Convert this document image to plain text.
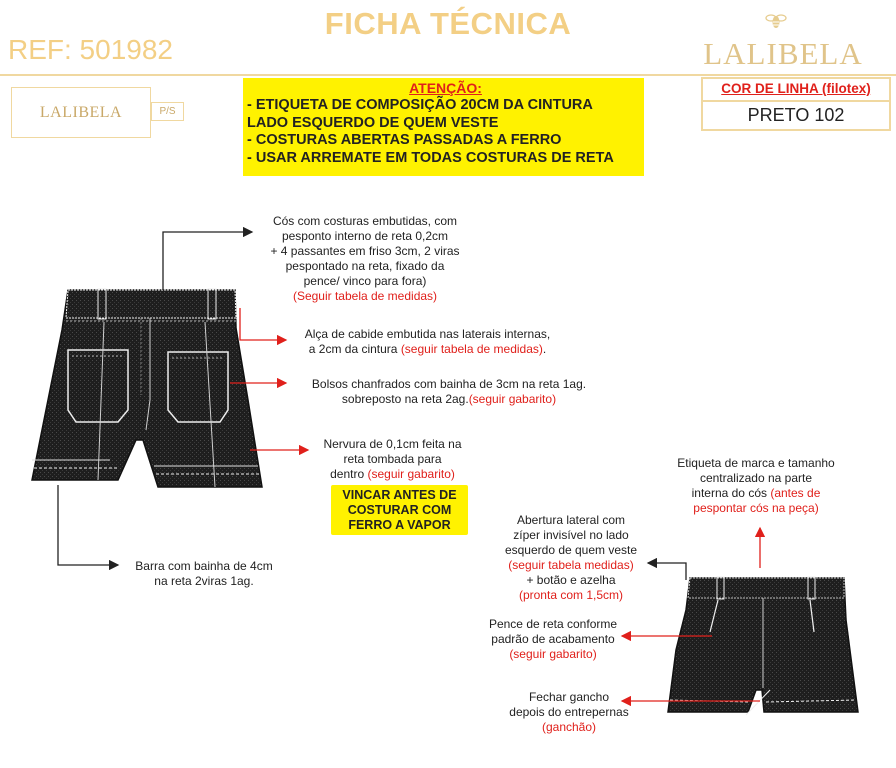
FICHA TÉCNICA
REF: 501982	LALIBELA
LALIBELA	P/S
ATENÇÃO:
- ETIQUETA DE COMPOSIÇÃO 20CM DA CINTURA
LADO ESQUERDO DE QUEM VESTE
- COSTURAS ABERTAS PASSADAS A FERRO
- USAR ARREMATE EM TODAS COSTURAS DE RETA
COR DE LINHA (filotex)
PRETO 102
Cós com costuras embutidas, com
pesponto interno de reta 0,2cm
+ 4 passantes em friso 3cm, 2 viras
pespontado na reta, fixado da
pence/ vinco para fora)
(Seguir tabela de medidas)
Alça de cabide embutida nas laterais internas,
a 2cm da cintura (seguir tabela de medidas).
Bolsos chanfrados com bainha de 3cm na reta 1ag.
sobreposto na reta 2ag.(seguir gabarito)
Nervura de 0,1cm feita na
reta tombada para
dentro (seguir gabarito)
VINCAR ANTES DE
COSTURAR COM
FERRO A VAPOR
Barra com bainha de 4cm
na reta 2viras 1ag.
Etiqueta de marca e tamanho
centralizado na parte
interna do cós (antes de
pespontar cós na peça)
Abertura lateral com
zíper invisível no lado
esquerdo de quem veste
(seguir tabela medidas)
+ botão e azelha
(pronta com 1,5cm)
Pence de reta conforme
padrão de acabamento
(seguir gabarito)
Fechar gancho
depois do entrepernas
(ganchão)
